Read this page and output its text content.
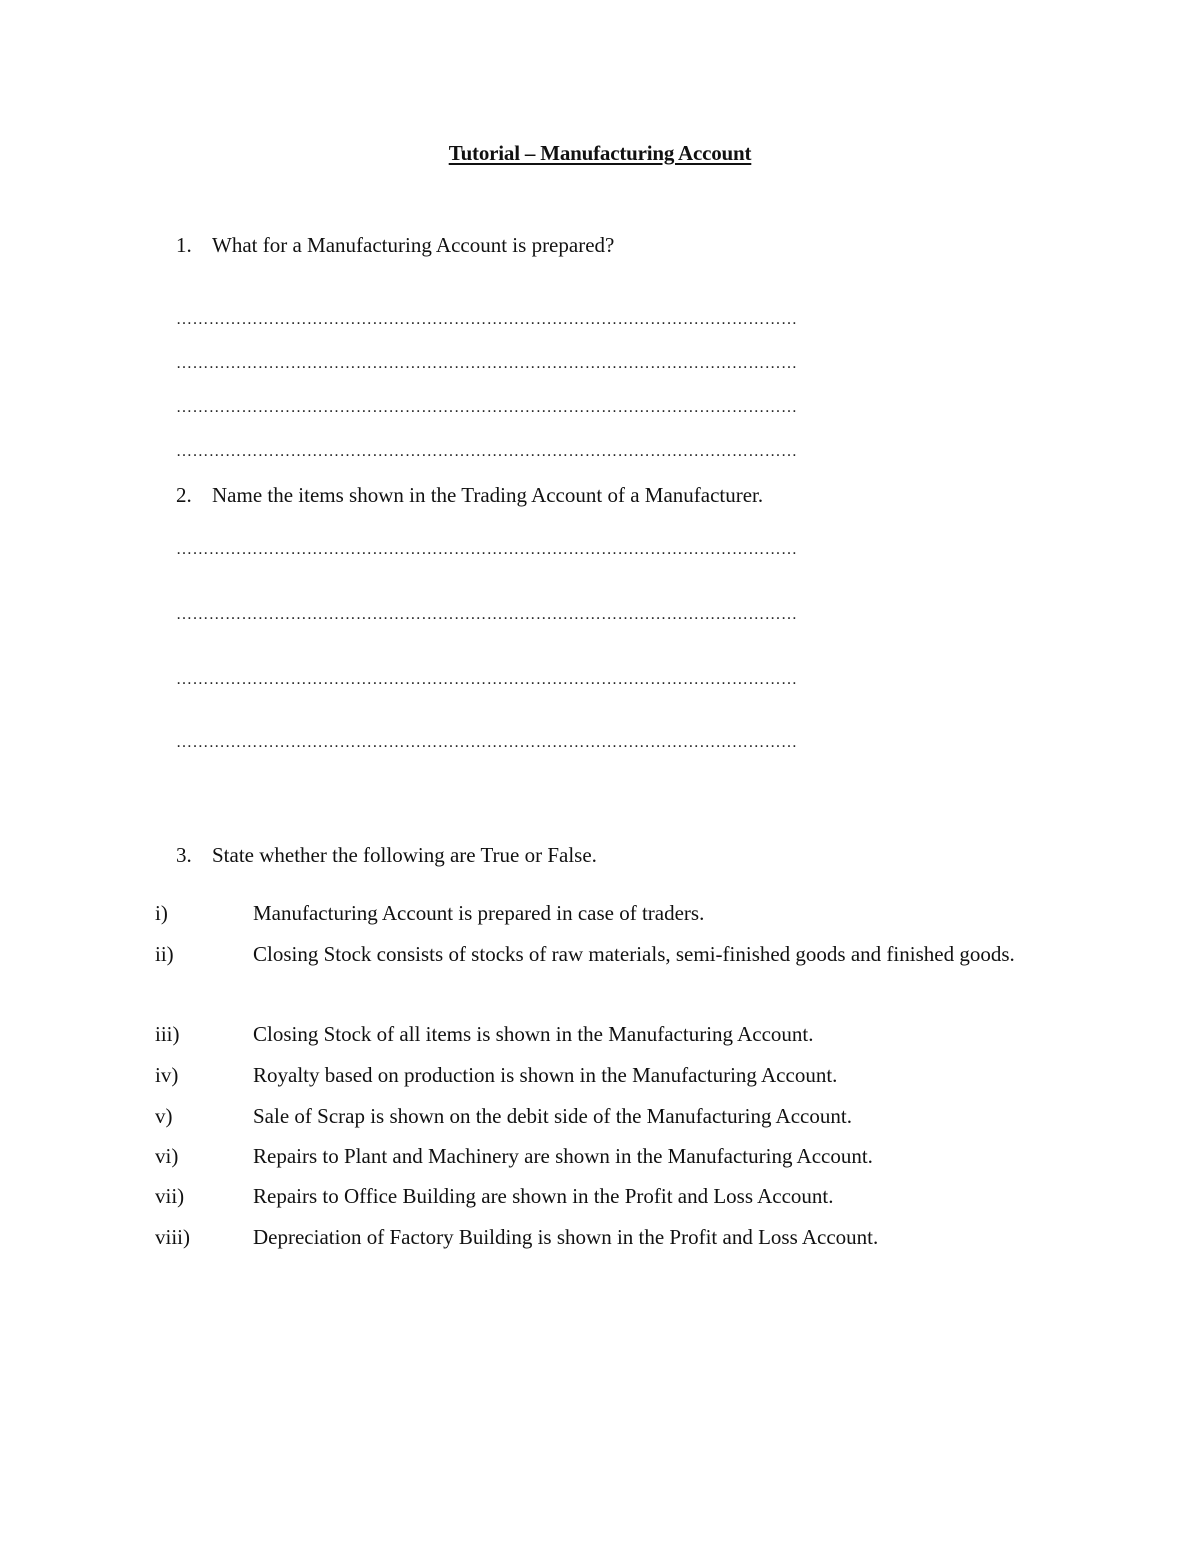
Tutorial – Manufacturing Account
1. What for a Manufacturing Account is prepared?
……………………………………………………………………………………………………
……………………………………………………………………………………………………
……………………………………………………………………………………………………
……………………………………………………………………………………………………
2. Name the items shown in the Trading Account of a Manufacturer.
……………………………………………………………………………………………………
……………………………………………………………………………………………………
……………………………………………………………………………………………………
……………………………………………………………………………………………………
3. State whether the following are True or False.
i)	Manufacturing Account is prepared in case of traders.
ii)	Closing Stock consists of stocks of raw materials, semi-finished goods and finished goods.
iii)	Closing Stock of all items is shown in the Manufacturing Account.
iv)	Royalty based on production is shown in the Manufacturing Account.
v)	Sale of Scrap is shown on the debit side of the Manufacturing Account.
vi)	Repairs to Plant and Machinery are shown in the Manufacturing Account.
vii)	Repairs to Office Building are shown in the Profit and Loss Account.
viii)	Depreciation of Factory Building is shown in the Profit and Loss Account.
